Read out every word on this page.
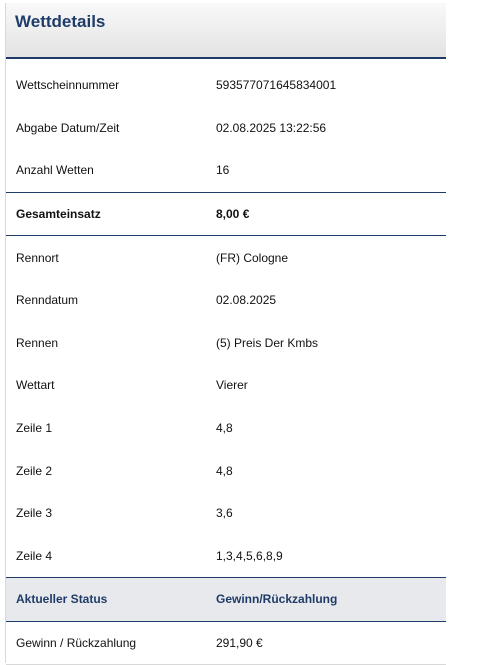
Wettdetails
Wettscheinnummer	593577071645834001
Abgabe Datum/Zeit	02.08.2025 13:22:56
Anzahl Wetten	16
Gesamteinsatz	8,00 €
Rennort	(FR) Cologne
Renndatum	02.08.2025
Rennen	(5) Preis Der Kmbs
Wettart	Vierer
Zeile 1	4,8
Zeile 2	4,8
Zeile 3	3,6
Zeile 4	1,3,4,5,6,8,9
Aktueller Status	Gewinn/Rückzahlung
Gewinn / Rückzahlung	291,90 €
